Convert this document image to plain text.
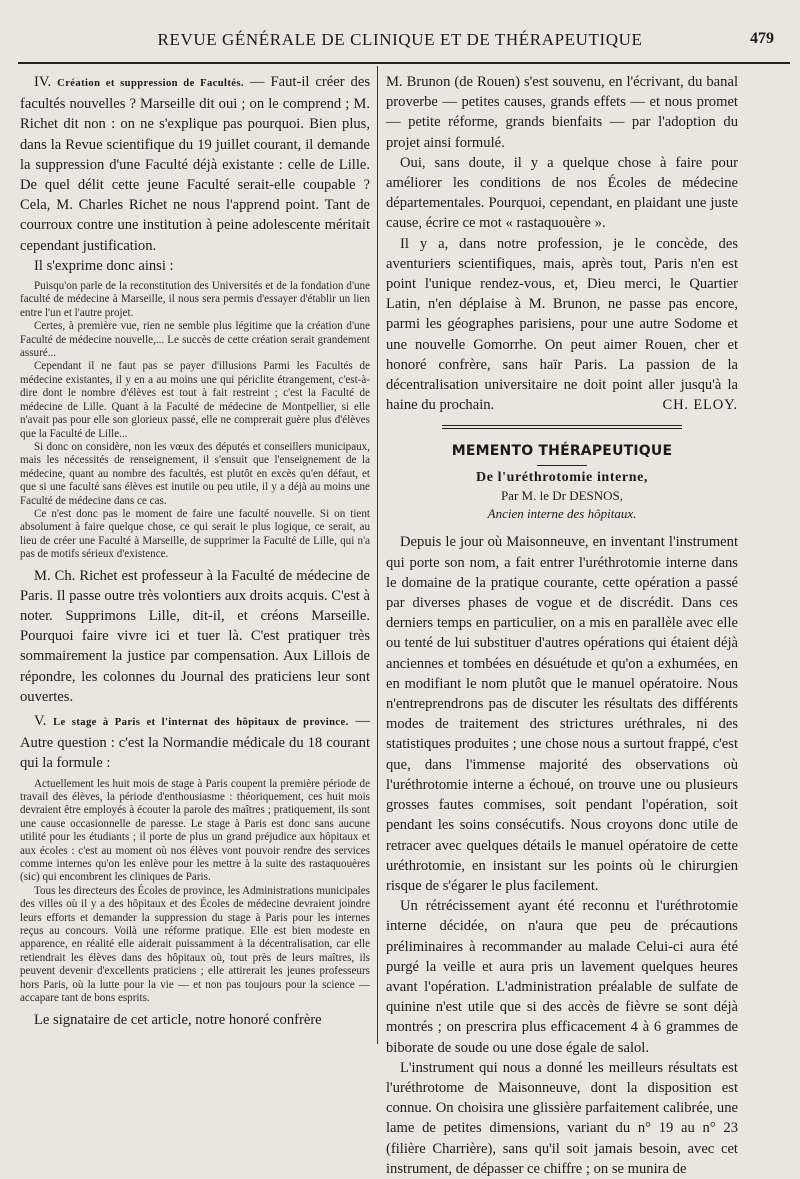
REVUE GÉNÉRALE DE CLINIQUE ET DE THÉRAPEUTIQUE	479

IV. Création et suppression de Facultés. — Faut-il créer des facultés nouvelles ? Marseille dit oui ; on le comprend ; M. Richet dit non : on ne s'explique pas pourquoi. Bien plus, dans la Revue scientifique du 19 juillet courant, il demande la suppression d'une Faculté déjà existante : celle de Lille. De quel délit cette jeune Faculté serait-elle coupable ? Cela, M. Charles Richet ne nous l'apprend point. Tant de courroux contre une institution à peine adolescente méritait cependant justification.

Il s'exprime donc ainsi :

Puisqu'on parle de la reconstitution des Universités et de la fondation d'une faculté de médecine à Marseille, il nous sera permis d'essayer d'établir un lien entre l'un et l'autre projet.

Certes, à première vue, rien ne semble plus légitime que la création d'une Faculté de médecine nouvelle,... Le succès de cette création serait grandement assuré...

Cependant il ne faut pas se payer d'illusions Parmi les Facultés de médecine existantes, il y en a au moins une qui périclite étrangement, c'est-à-dire dont le nombre d'élèves est tout à fait restreint ; c'est la Faculté de médecine de Lille. Quant à la Faculté de médecine de Montpellier, si elle n'avait pas pour elle son glorieux passé, elle ne comprerait guère plus d'élèves que la Faculté de Lille...

Si donc on considère, non les vœux des députés et conseillers municipaux, mais les nécessités de renseignement, il s'ensuit que l'enseignement de la médecine, quant au nombre des facultés, est plutôt en excès qu'en défaut, et que si une faculté sans élèves est inutile ou peu utile, il y a déjà au moins une Faculté de médecine dans ce cas.

Ce n'est donc pas le moment de faire une faculté nouvelle. Si on tient absolument à faire quelque chose, ce qui serait le plus logique, ce serait, au lieu de créer une Faculté à Marseille, de supprimer la Faculté de Lille, qui n'a pas de motifs sérieux d'existence.

M. Ch. Richet est professeur à la Faculté de médecine de Paris. Il passe outre très volontiers aux droits acquis. C'est à noter. Supprimons Lille, dit-il, et créons Marseille. Pourquoi faire vivre ici et tuer là. C'est pratiquer très sommairement la justice par compensation. Aux Lillois de répondre, les colonnes du Journal des praticiens leur sont ouvertes.

V. Le stage à Paris et l'internat des hôpitaux de province. — Autre question : c'est la Normandie médicale du 18 courant qui la formule :

Actuellement les huit mois de stage à Paris coupent la première période de travail des élèves, la période d'enthousiasme : théoriquement, ces huit mois devraient être employés à écouter la parole des maîtres ; pratiquement, ils sont une cause occasionnelle de paresse. Le stage à Paris est donc sans aucune utilité pour les étudiants ; il porte de plus un grand préjudice aux hôpitaux et aux écoles : c'est au moment où nos élèves vont pouvoir rendre des services comme internes qu'on les enlève pour les mettre à la suite des rastaquouères (sic) qui encombrent les cliniques de Paris.

Tous les directeurs des Écoles de province, les Administrations municipales des villes où il y a des hôpitaux et des Écoles de médecine devraient joindre leurs efforts et demander la suppression du stage à Paris pour les internes reçus au concours. Voilà une réforme pratique. Elle est bien modeste en apparence, en réalité elle aiderait puissamment à la décentralisation, car elle retiendrait les élèves dans des hôpitaux où, tout près de leurs maîtres, ils peuvent devenir d'excellents praticiens ; elle attirerait les jeunes professeurs hors Paris, où la lutte pour la vie — et non pas toujours pour la science — accapare tant de bons esprits.

Le signataire de cet article, notre honoré confrère

M. Brunon (de Rouen) s'est souvenu, en l'écrivant, du banal proverbe — petites causes, grands effets — et nous promet — petite réforme, grands bienfaits — par l'adoption du projet ainsi formulé.

Oui, sans doute, il y a quelque chose à faire pour améliorer les conditions de nos Écoles de médecine départementales. Pourquoi, cependant, en plaidant une juste cause, écrire ce mot « rastaquouère ».

Il y a, dans notre profession, je le concède, des aventuriers scientifiques, mais, après tout, Paris n'en est point l'unique rendez-vous, et, Dieu merci, le Quartier Latin, n'en déplaise à M. Brunon, ne passe pas encore, parmi les géographes parisiens, pour une autre Sodome et une nouvelle Gomorrhe. On peut aimer Rouen, cher et honoré confrère, sans haïr Paris. La passion de la décentralisation universitaire ne doit point aller jusqu'à la haine du prochain.	CH. ELOY.

MEMENTO THÉRAPEUTIQUE
De l'uréthrotomie interne,
Par M. le Dr DESNOS,
Ancien interne des hôpitaux.

Depuis le jour où Maisonneuve, en inventant l'instrument qui porte son nom, a fait entrer l'uréthrotomie interne dans le domaine de la pratique courante, cette opération a passé par diverses phases de vogue et de discrédit. Dans ces derniers temps en particulier, on a mis en parallèle avec elle ou tenté de lui substituer d'autres opérations qui étaient déjà anciennes et tombées en désuétude et qu'on a exhumées, en en modifiant le nom plutôt que le manuel opératoire. Nous n'entreprendrons pas de discuter les résultats des différents modes de traitement des strictures uréthrales, ni des statistiques produites ; une chose nous a surtout frappé, c'est que, dans l'immense majorité des observations où l'uréthrotomie interne a échoué, on trouve une ou plusieurs grosses fautes commises, soit pendant l'opération, soit pendant les soins consécutifs. Nous croyons donc utile de retracer avec quelques détails le manuel opératoire de cette uréthrotomie, en insistant sur les points où le chirurgien risque de s'égarer le plus facilement.

Un rétrécissement ayant été reconnu et l'uréthrotomie interne décidée, on n'aura que peu de précautions préliminaires à recommander au malade Celui-ci aura été purgé la veille et aura pris un lavement quelques heures avant l'opération. L'administration préalable de sulfate de quinine n'est utile que si des accès de fièvre se sont déjà montrés ; on prescrira plus efficacement 4 à 6 grammes de biborate de soude ou une dose égale de salol.

L'instrument qui nous a donné les meilleurs résultats est l'uréthrotome de Maisonneuve, dont la disposition est connue. On choisira une glissière parfaitement calibrée, une lame de petites dimensions, variant du n° 19 au n° 23 (filière Charrière), sans qu'il soit jamais besoin, avec cet instrument, de dépasser ce chiffre ; on se munira de
